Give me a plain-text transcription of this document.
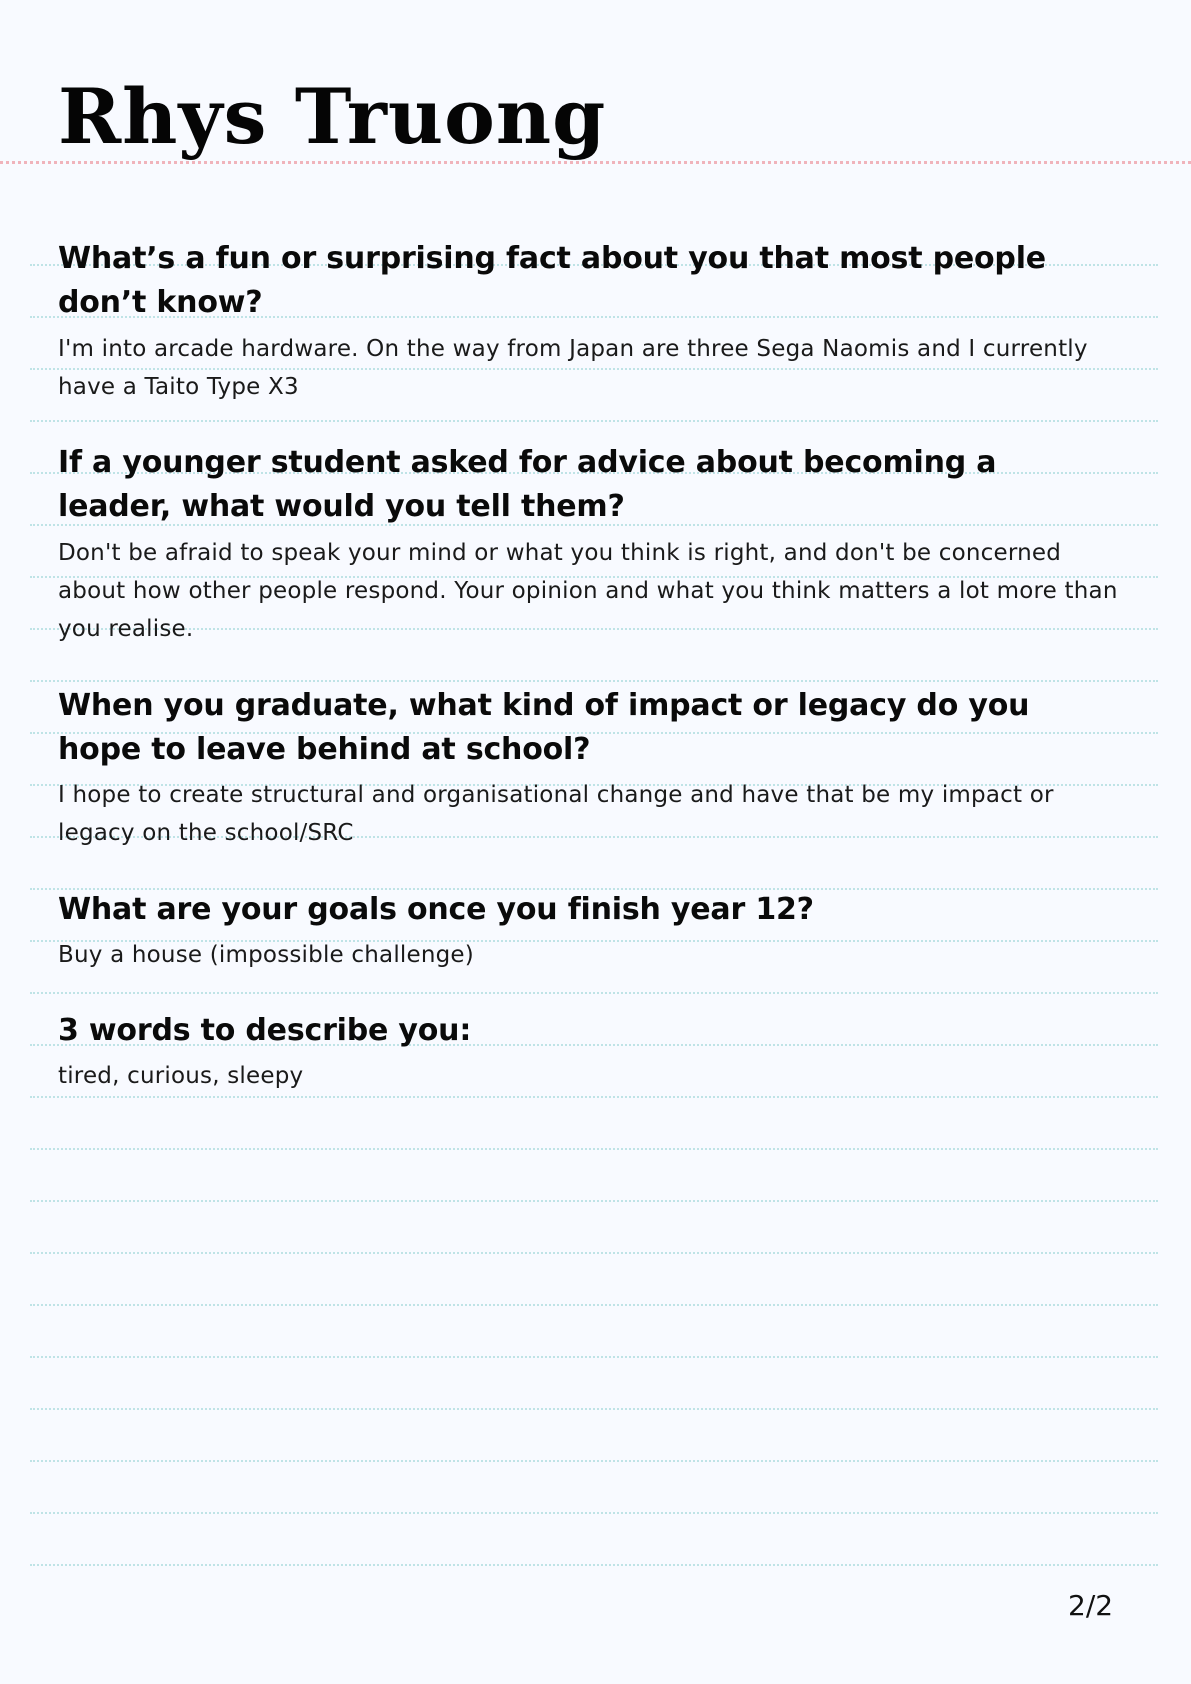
Rhys Truong

What’s a fun or surprising fact about you that most people don’t know?

I'm into arcade hardware. On the way from Japan are three Sega Naomis and I currently have a Taito Type X3

If a younger student asked for advice about becoming a leader, what would you tell them?

Don't be afraid to speak your mind or what you think is right, and don't be concerned about how other people respond. Your opinion and what you think matters a lot more than you realise.

When you graduate, what kind of impact or legacy do you hope to leave behind at school?

I hope to create structural and organisational change and have that be my impact or legacy on the school/SRC

What are your goals once you finish year 12?

Buy a house (impossible challenge)

3 words to describe you:

tired, curious, sleepy

2/2
